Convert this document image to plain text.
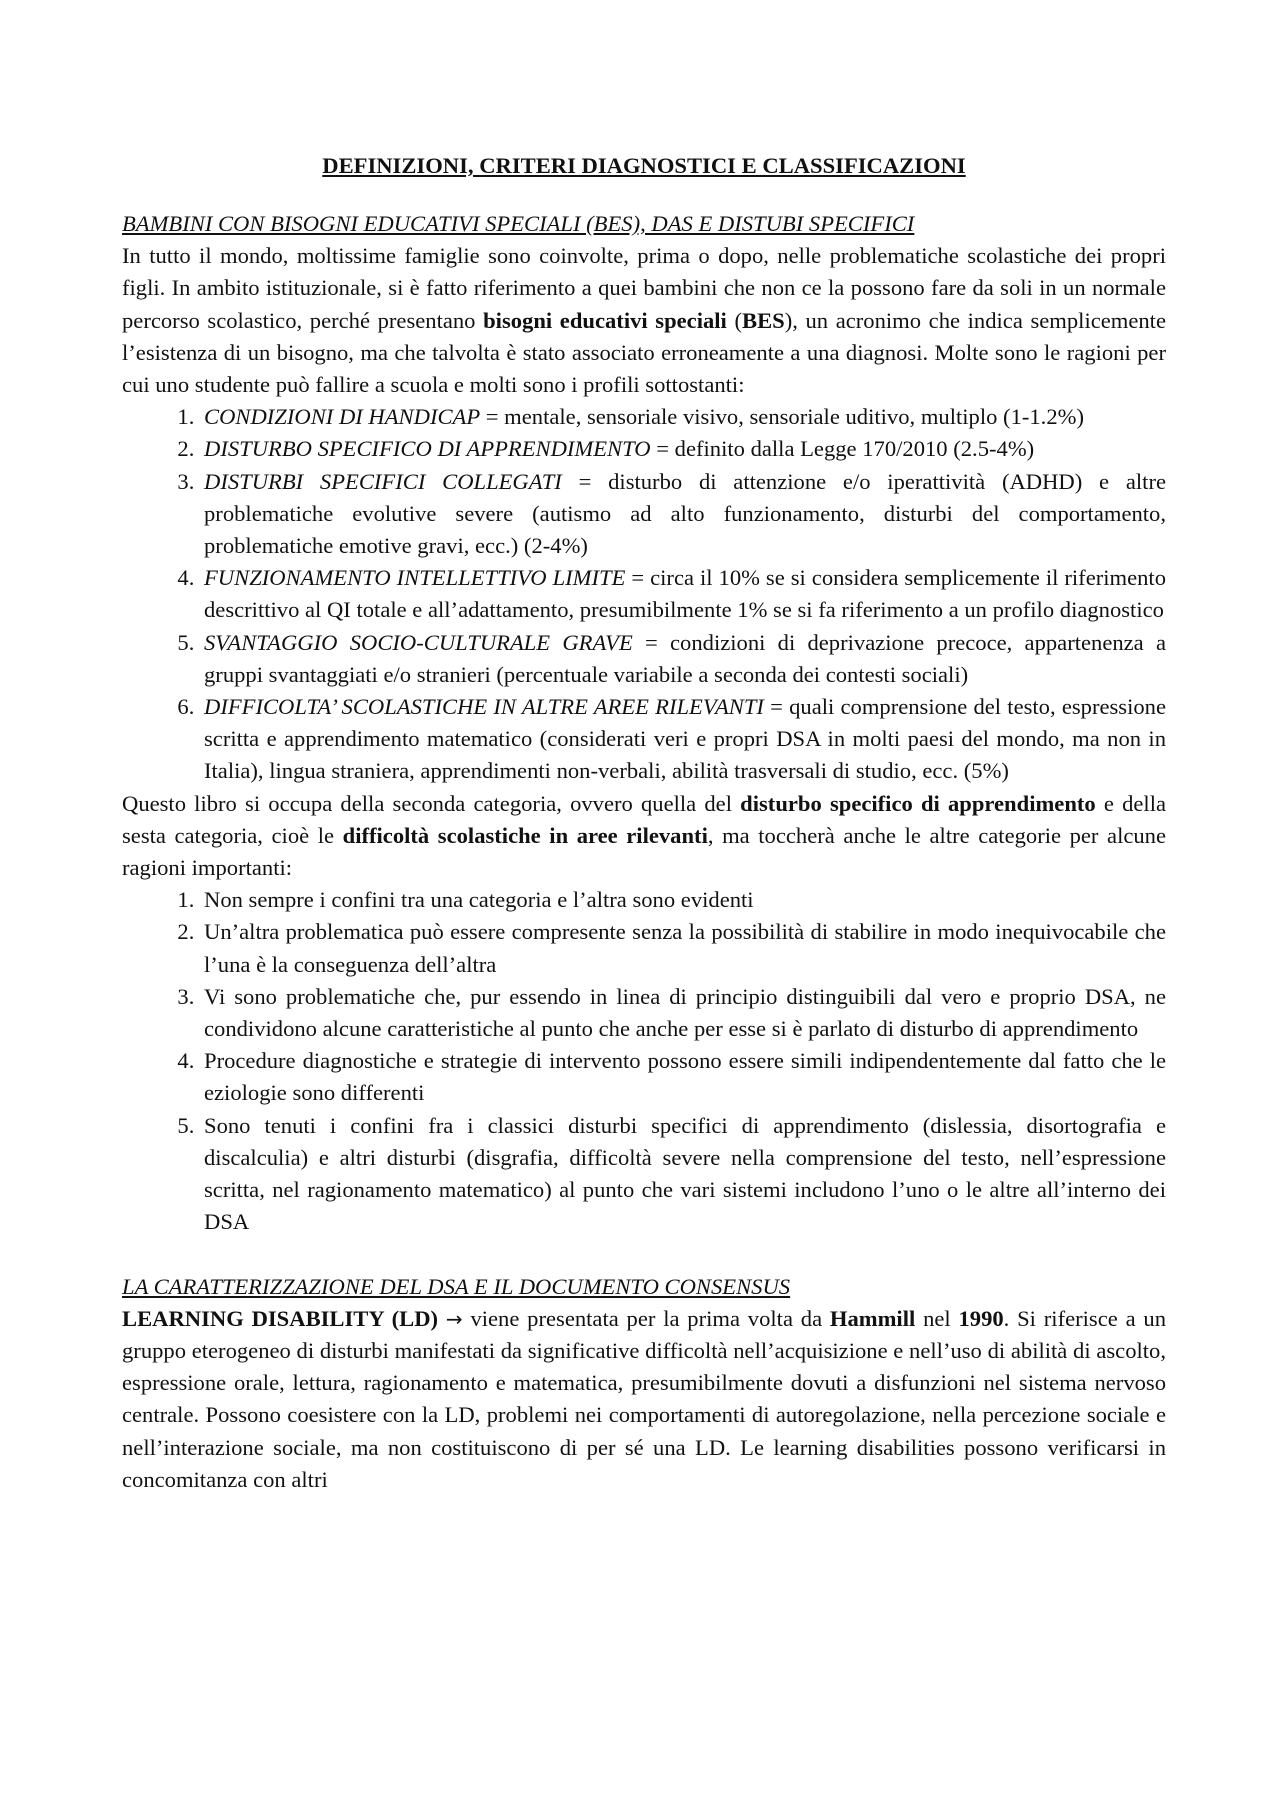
DEFINIZIONI, CRITERI DIAGNOSTICI E CLASSIFICAZIONI
BAMBINI CON BISOGNI EDUCATIVI SPECIALI (BES), DAS E DISTUBI SPECIFICI

In tutto il mondo, moltissime famiglie sono coinvolte, prima o dopo, nelle problematiche scolastiche dei propri figli. In ambito istituzionale, si è fatto riferimento a quei bambini che non ce la possono fare da soli in un normale percorso scolastico, perché presentano bisogni educativi speciali (BES), un acronimo che indica semplicemente l’esistenza di un bisogno, ma che talvolta è stato associato erroneamente a una diagnosi. Molte sono le ragioni per cui uno studente può fallire a scuola e molti sono i profili sottostanti:

1. CONDIZIONI DI HANDICAP = mentale, sensoriale visivo, sensoriale uditivo, multiplo (1-1.2%)
2. DISTURBO SPECIFICO DI APPRENDIMENTO = definito dalla Legge 170/2010 (2.5-4%)
3. DISTURBI SPECIFICI COLLEGATI = disturbo di attenzione e/o iperattività (ADHD) e altre problematiche evolutive severe (autismo ad alto funzionamento, disturbi del comportamento, problematiche emotive gravi, ecc.) (2-4%)
4. FUNZIONAMENTO INTELLETTIVO LIMITE = circa il 10% se si considera semplicemente il riferimento descrittivo al QI totale e all’adattamento, presumibilmente 1% se si fa riferimento a un profilo diagnostico
5. SVANTAGGIO SOCIO-CULTURALE GRAVE = condizioni di deprivazione precoce, appartenenza a gruppi svantaggiati e/o stranieri (percentuale variabile a seconda dei contesti sociali)
6. DIFFICOLTA’ SCOLASTICHE IN ALTRE AREE RILEVANTI = quali comprensione del testo, espressione scritta e apprendimento matematico (considerati veri e propri DSA in molti paesi del mondo, ma non in Italia), lingua straniera, apprendimenti non-verbali, abilità trasversali di studio, ecc. (5%)

Questo libro si occupa della seconda categoria, ovvero quella del disturbo specifico di apprendimento e della sesta categoria, cioè le difficoltà scolastiche in aree rilevanti, ma toccherà anche le altre categorie per alcune ragioni importanti:

1. Non sempre i confini tra una categoria e l’altra sono evidenti
2. Un’altra problematica può essere compresente senza la possibilità di stabilire in modo inequivocabile che l’una è la conseguenza dell’altra
3. Vi sono problematiche che, pur essendo in linea di principio distinguibili dal vero e proprio DSA, ne condividono alcune caratteristiche al punto che anche per esse si è parlato di disturbo di apprendimento
4. Procedure diagnostiche e strategie di intervento possono essere simili indipendentemente dal fatto che le eziologie sono differenti
5. Sono tenuti i confini fra i classici disturbi specifici di apprendimento (dislessia, disortografia e discalculia) e altri disturbi (disgrafia, difficoltà severe nella comprensione del testo, nell’espressione scritta, nel ragionamento matematico) al punto che vari sistemi includono l’uno o le altre all’interno dei DSA
LA CARATTERIZZAZIONE DEL DSA E IL DOCUMENTO CONSENSUS

LEARNING DISABILITY (LD) → viene presentata per la prima volta da Hammill nel 1990. Si riferisce a un gruppo eterogeneo di disturbi manifestati da significative difficoltà nell’acquisizione e nell’uso di abilità di ascolto, espressione orale, lettura, ragionamento e matematica, presumibilmente dovuti a disfunzioni nel sistema nervoso centrale. Possono coesistere con la LD, problemi nei comportamenti di autoregolazione, nella percezione sociale e nell’interazione sociale, ma non costituiscono di per sé una LD. Le learning disabilities possono verificarsi in concomitanza con altri
